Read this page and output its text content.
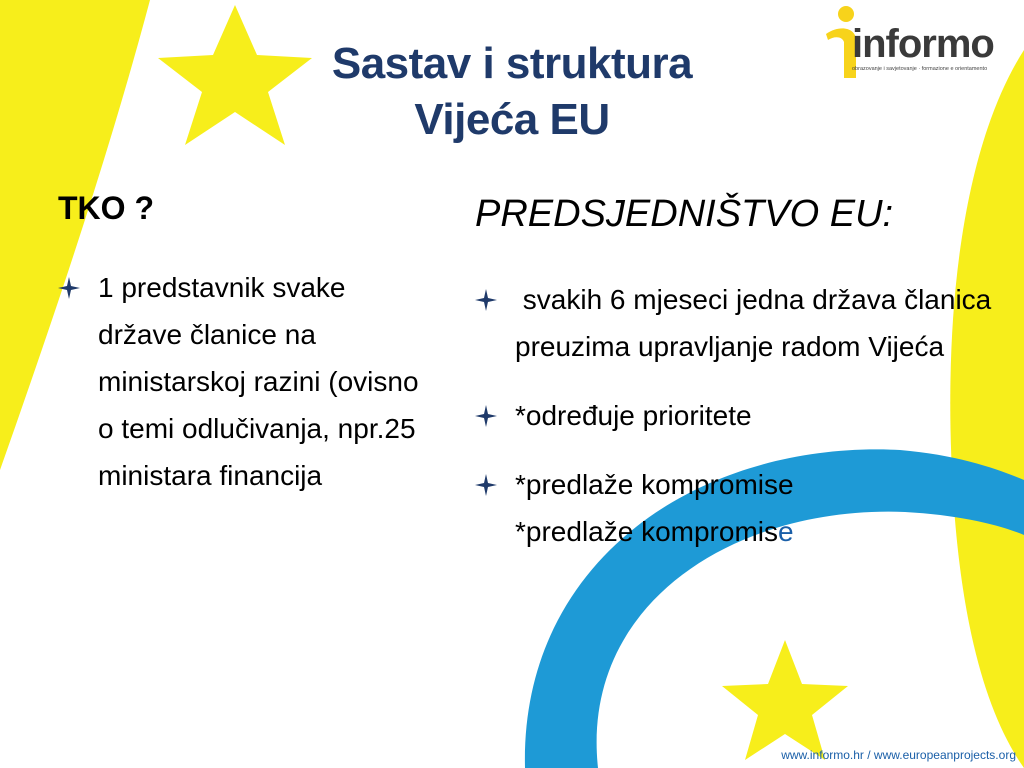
informo
obrazovanje i savjetovanje · formazione e orientamento
Sastav i struktura
Vijeća EU
TKO ?
1 predstavnik svake države članice na ministarskoj razini (ovisno o temi odlučivanja, npr.25 ministara financija
PREDSJEDNIŠTVO EU:
svakih 6 mjeseci jedna država članica preuzima upravljanje radom Vijeća
*određuje prioritete
*predlaže kompromise
*predlaže kompromise
www.informo.hr / www.europeanprojects.org
